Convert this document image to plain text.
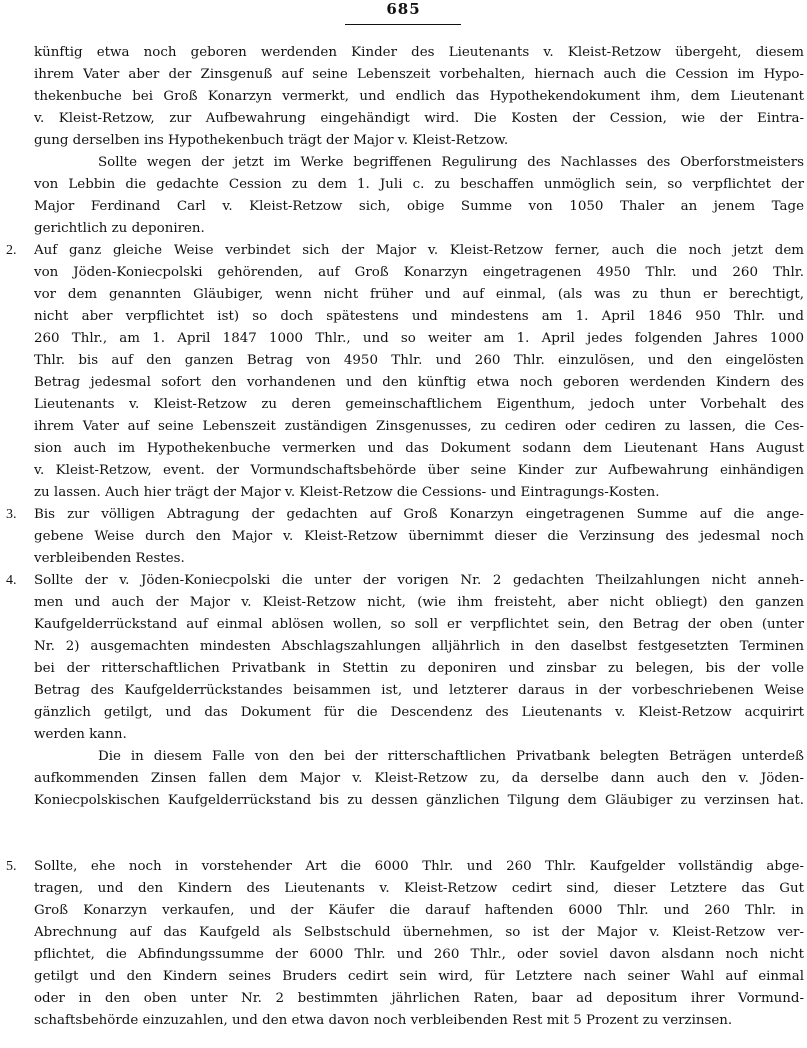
685
künftig etwa noch geboren werdenden Kinder des Lieutenants v. Kleist-Retzow übergeht, diesem
ihrem Vater aber der Zinsgenuß auf seine Lebenszeit vorbehalten, hiernach auch die Cession im Hypo-
thekenbuche bei Groß Konarzyn vermerkt, und endlich das Hypothekendokument ihm, dem Lieutenant
v. Kleist-Retzow, zur Aufbewahrung eingehändigt wird. Die Kosten der Cession, wie der Eintra-
gung derselben ins Hypothekenbuch trägt der Major v. Kleist-Retzow.
Sollte wegen der jetzt im Werke begriffenen Regulirung des Nachlasses des Oberforstmeisters
von Lebbin die gedachte Cession zu dem 1. Juli c. zu beschaffen unmöglich sein, so verpflichtet der
Major Ferdinand Carl v. Kleist-Retzow sich, obige Summe von 1050 Thaler an jenem Tage
gerichtlich zu deponiren.
2. Auf ganz gleiche Weise verbindet sich der Major v. Kleist-Retzow ferner, auch die noch jetzt dem
von Jöden-Koniecpolski gehörenden, auf Groß Konarzyn eingetragenen 4950 Thlr. und 260 Thlr.
vor dem genannten Gläubiger, wenn nicht früher und auf einmal, (als was zu thun er berechtigt,
nicht aber verpflichtet ist) so doch spätestens und mindestens am 1. April 1846 950 Thlr. und
260 Thlr., am 1. April 1847 1000 Thlr., und so weiter am 1. April jedes folgenden Jahres 1000
Thlr. bis auf den ganzen Betrag von 4950 Thlr. und 260 Thlr. einzulösen, und den eingelösten
Betrag jedesmal sofort den vorhandenen und den künftig etwa noch geboren werdenden Kindern des
Lieutenants v. Kleist-Retzow zu deren gemeinschaftlichem Eigenthum, jedoch unter Vorbehalt des
ihrem Vater auf seine Lebenszeit zuständigen Zinsgenusses, zu cediren oder cediren zu lassen, die Ces-
sion auch im Hypothekenbuche vermerken und das Dokument sodann dem Lieutenant Hans August
v. Kleist-Retzow, event. der Vormundschaftsbehörde über seine Kinder zur Aufbewahrung einhändigen
zu lassen. Auch hier trägt der Major v. Kleist-Retzow die Cessions- und Eintragungs-Kosten.
3. Bis zur völligen Abtragung der gedachten auf Groß Konarzyn eingetragenen Summe auf die ange-
gebene Weise durch den Major v. Kleist-Retzow übernimmt dieser die Verzinsung des jedesmal noch
verbleibenden Restes.
4. Sollte der v. Jöden-Koniecpolski die unter der vorigen Nr. 2 gedachten Theilzahlungen nicht anneh-
men und auch der Major v. Kleist-Retzow nicht, (wie ihm freisteht, aber nicht obliegt) den ganzen
Kaufgelderrückstand auf einmal ablösen wollen, so soll er verpflichtet sein, den Betrag der oben (unter
Nr. 2) ausgemachten mindesten Abschlagszahlungen alljährlich in den daselbst festgesetzten Terminen
bei der ritterschaftlichen Privatbank in Stettin zu deponiren und zinsbar zu belegen, bis der volle
Betrag des Kaufgelderrückstandes beisammen ist, und letzterer daraus in der vorbeschriebenen Weise
gänzlich getilgt, und das Dokument für die Descendenz des Lieutenants v. Kleist-Retzow acquirirt
werden kann.
Die in diesem Falle von den bei der ritterschaftlichen Privatbank belegten Beträgen unterdeß
aufkommenden Zinsen fallen dem Major v. Kleist-Retzow zu, da derselbe dann auch den v. Jöden-
Koniecpolskischen Kaufgelderrückstand bis zu dessen gänzlichen Tilgung dem Gläubiger zu verzinsen hat.
5. Sollte, ehe noch in vorstehender Art die 6000 Thlr. und 260 Thlr. Kaufgelder vollständig abge-
tragen, und den Kindern des Lieutenants v. Kleist-Retzow cedirt sind, dieser Letztere das Gut
Groß Konarzyn verkaufen, und der Käufer die darauf haftenden 6000 Thlr. und 260 Thlr. in
Abrechnung auf das Kaufgeld als Selbstschuld übernehmen, so ist der Major v. Kleist-Retzow ver-
pflichtet, die Abfindungssumme der 6000 Thlr. und 260 Thlr., oder soviel davon alsdann noch nicht
getilgt und den Kindern seines Bruders cedirt sein wird, für Letztere nach seiner Wahl auf einmal
oder in den oben unter Nr. 2 bestimmten jährlichen Raten, baar ad depositum ihrer Vormund-
schaftsbehörde einzuzahlen, und den etwa davon noch verbleibenden Rest mit 5 Prozent zu verzinsen.
